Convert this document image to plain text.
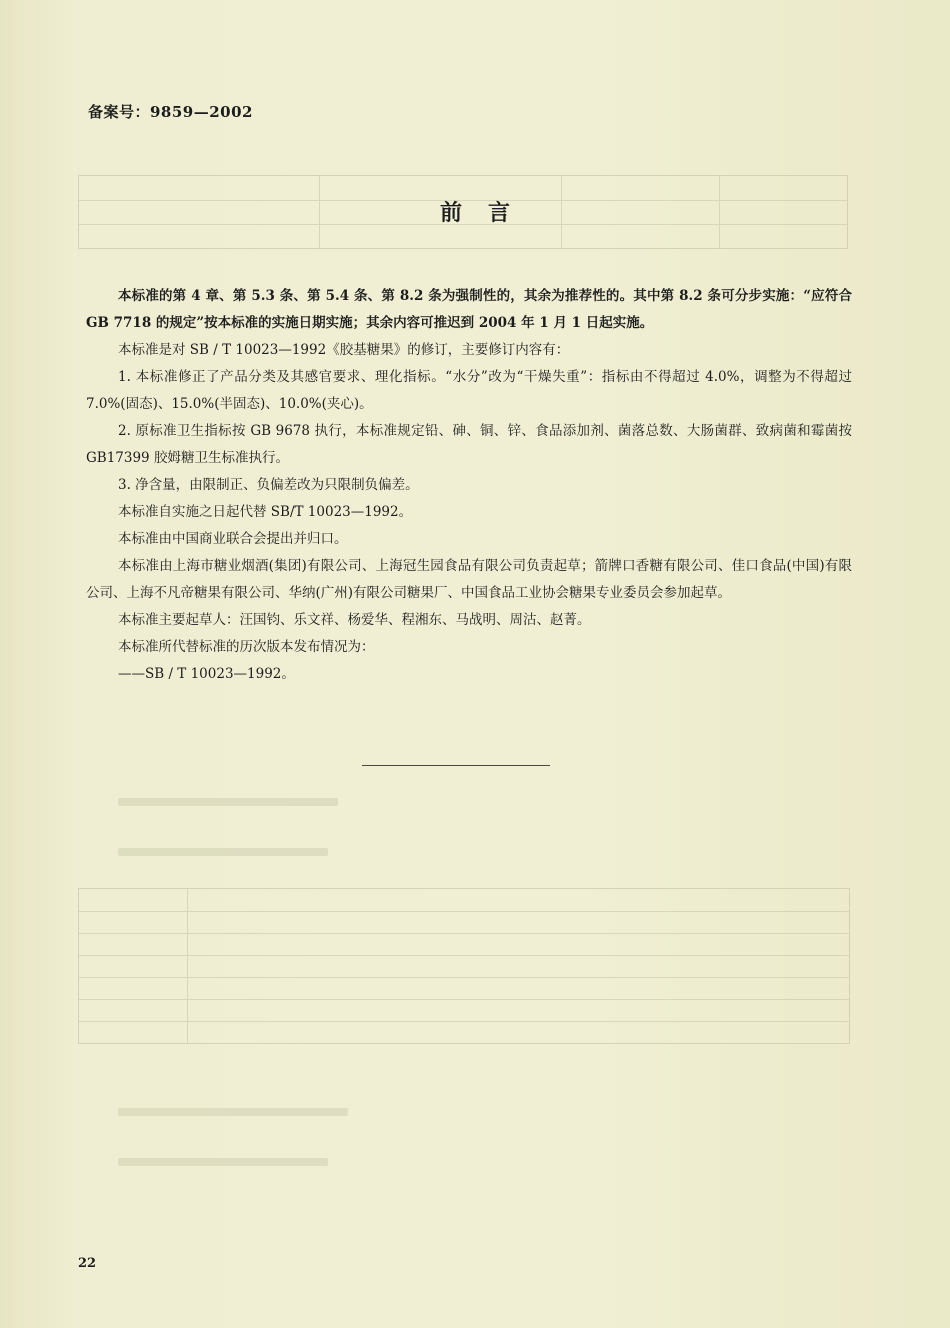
备案号：9859—2002
前言

本标准的第 4 章、第 5.3 条、第 5.4 条、第 8.2 条为强制性的，其余为推荐性的。其中第 8.2 条可分步实施：“应符合 GB 7718 的规定”按本标准的实施日期实施；其余内容可推迟到 2004 年 1 月 1 日起实施。

本标准是对 SB / T 10023—1992《胶基糖果》的修订，主要修订内容有：

1. 本标准修正了产品分类及其感官要求、理化指标。“水分”改为“干燥失重”：指标由不得超过 4.0%，调整为不得超过 7.0%(固态)、15.0%(半固态)、10.0%(夹心)。

2. 原标准卫生指标按 GB 9678 执行，本标准规定铅、砷、铜、锌、食品添加剂、菌落总数、大肠菌群、致病菌和霉菌按 GB17399 胶姆糖卫生标准执行。

3. 净含量，由限制正、负偏差改为只限制负偏差。

本标准自实施之日起代替 SB/T 10023—1992。

本标准由中国商业联合会提出并归口。

本标准由上海市糖业烟酒(集团)有限公司、上海冠生园食品有限公司负责起草；箭牌口香糖有限公司、佳口食品(中国)有限公司、上海不凡帝糖果有限公司、华纳(广州)有限公司糖果厂、中国食品工业协会糖果专业委员会参加起草。

本标准主要起草人：汪国钧、乐文祥、杨爱华、程湘东、马战明、周沽、赵菁。

本标准所代替标准的历次版本发布情况为：

——SB / T 10023—1992。

22
